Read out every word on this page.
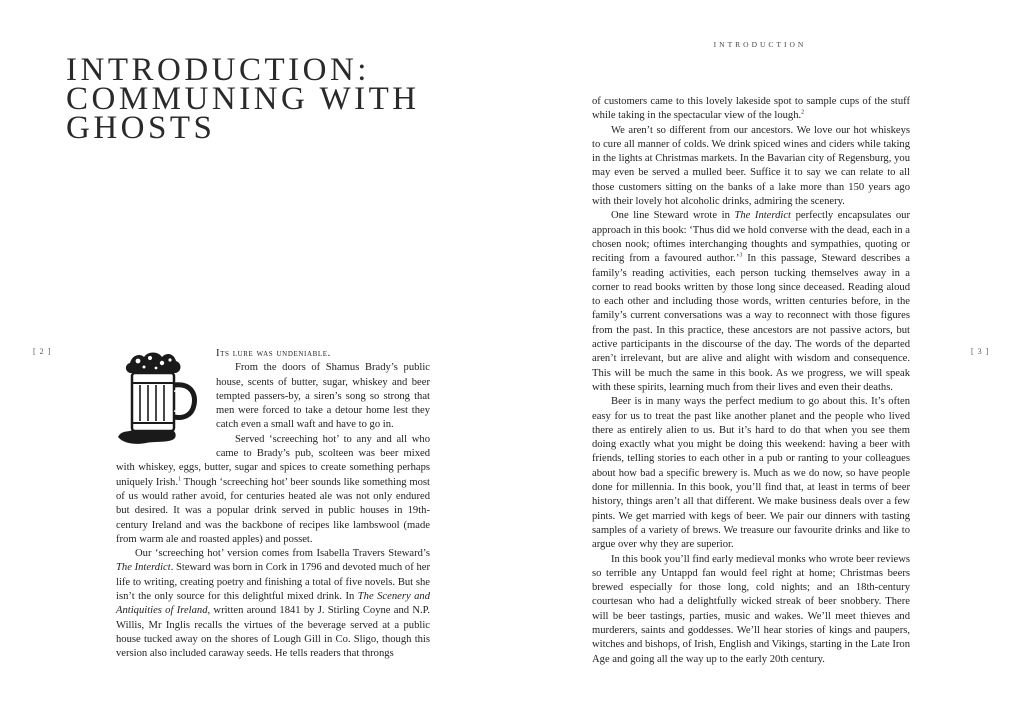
INTRODUCTION
[ 2 ]	[ 3 ]
INTRODUCTION:
COMMUNING WITH
GHOSTS

Its lure was undeniable.

From the doors of Shamus Brady’s public house, scents of butter, sugar, whiskey and beer tempted passers-by, a siren’s song so strong that men were forced to take a detour home lest they catch even a small waft and have to go in.

Served ‘screeching hot’ to any and all who came to Brady’s pub, scolteen was beer mixed with whiskey, eggs, butter, sugar and spices to create something perhaps uniquely Irish.$^1$ Though ‘screeching hot’ beer sounds like something most of us would rather avoid, for centuries heated ale was not only endured but desired. It was a popular drink served in public houses in 19th-century Ireland and was the backbone of recipes like lambswool (made from warm ale and roasted apples) and posset.

Our ‘screeching hot’ version comes from Isabella Travers Steward’s The Interdict. Steward was born in Cork in 1796 and devoted much of her life to writing, creating poetry and finishing a total of five novels. But she isn’t the only source for this delightful mixed drink. In The Scenery and Antiquities of Ireland, written around 1841 by J. Stirling Coyne and N.P. Willis, Mr Inglis recalls the virtues of the beverage served at a public house tucked away on the shores of Lough Gill in Co. Sligo, though this version also included caraway seeds. He tells readers that throngs

of customers came to this lovely lakeside spot to sample cups of the stuff while taking in the spectacular view of the lough.$^2$

We aren’t so different from our ancestors. We love our hot whiskeys to cure all manner of colds. We drink spiced wines and ciders while taking in the lights at Christmas markets. In the Bavarian city of Regensburg, you may even be served a mulled beer. Suffice it to say we can relate to all those customers sitting on the banks of a lake more than 150 years ago with their lovely hot alcoholic drinks, admiring the scenery.

One line Steward wrote in The Interdict perfectly encapsulates our approach in this book: ‘Thus did we hold converse with the dead, each in a chosen nook; oftimes interchanging thoughts and sympathies, quoting or reciting from a favoured author.’$^3$ In this passage, Steward describes a family’s reading activities, each person tucking themselves away in a corner to read books written by those long since deceased. Reading aloud to each other and including those words, written centuries before, in the family’s current conversations was a way to reconnect with those figures from the past. In this practice, these ancestors are not passive actors, but active participants in the discourse of the day. The words of the departed aren’t irrelevant, but are alive and alight with wisdom and consequence. This will be much the same in this book. As we progress, we will speak with these spirits, learning much from their lives and even their deaths.

Beer is in many ways the perfect medium to go about this. It’s often easy for us to treat the past like another planet and the people who lived there as entirely alien to us. But it’s hard to do that when you see them doing exactly what you might be doing this weekend: having a beer with friends, telling stories to each other in a pub or ranting to your colleagues about how bad a specific brewery is. Much as we do now, so have people done for millennia. In this book, you’ll find that, at least in terms of beer history, things aren’t all that different. We make business deals over a few pints. We get married with kegs of beer. We pair our dinners with tasting samples of a variety of brews. We treasure our favourite drinks and like to argue over why they are superior.

In this book you’ll find early medieval monks who wrote beer reviews so terrible any Untappd fan would feel right at home; Christmas beers brewed especially for those long, cold nights; and an 18th-century courtesan who had a delightfully wicked streak of beer snobbery. There will be beer tastings, parties, music and wakes. We’ll meet thieves and murderers, saints and goddesses. We’ll hear stories of kings and paupers, witches and bishops, of Irish, English and Vikings, starting in the Late Iron Age and going all the way up to the early 20th century.
